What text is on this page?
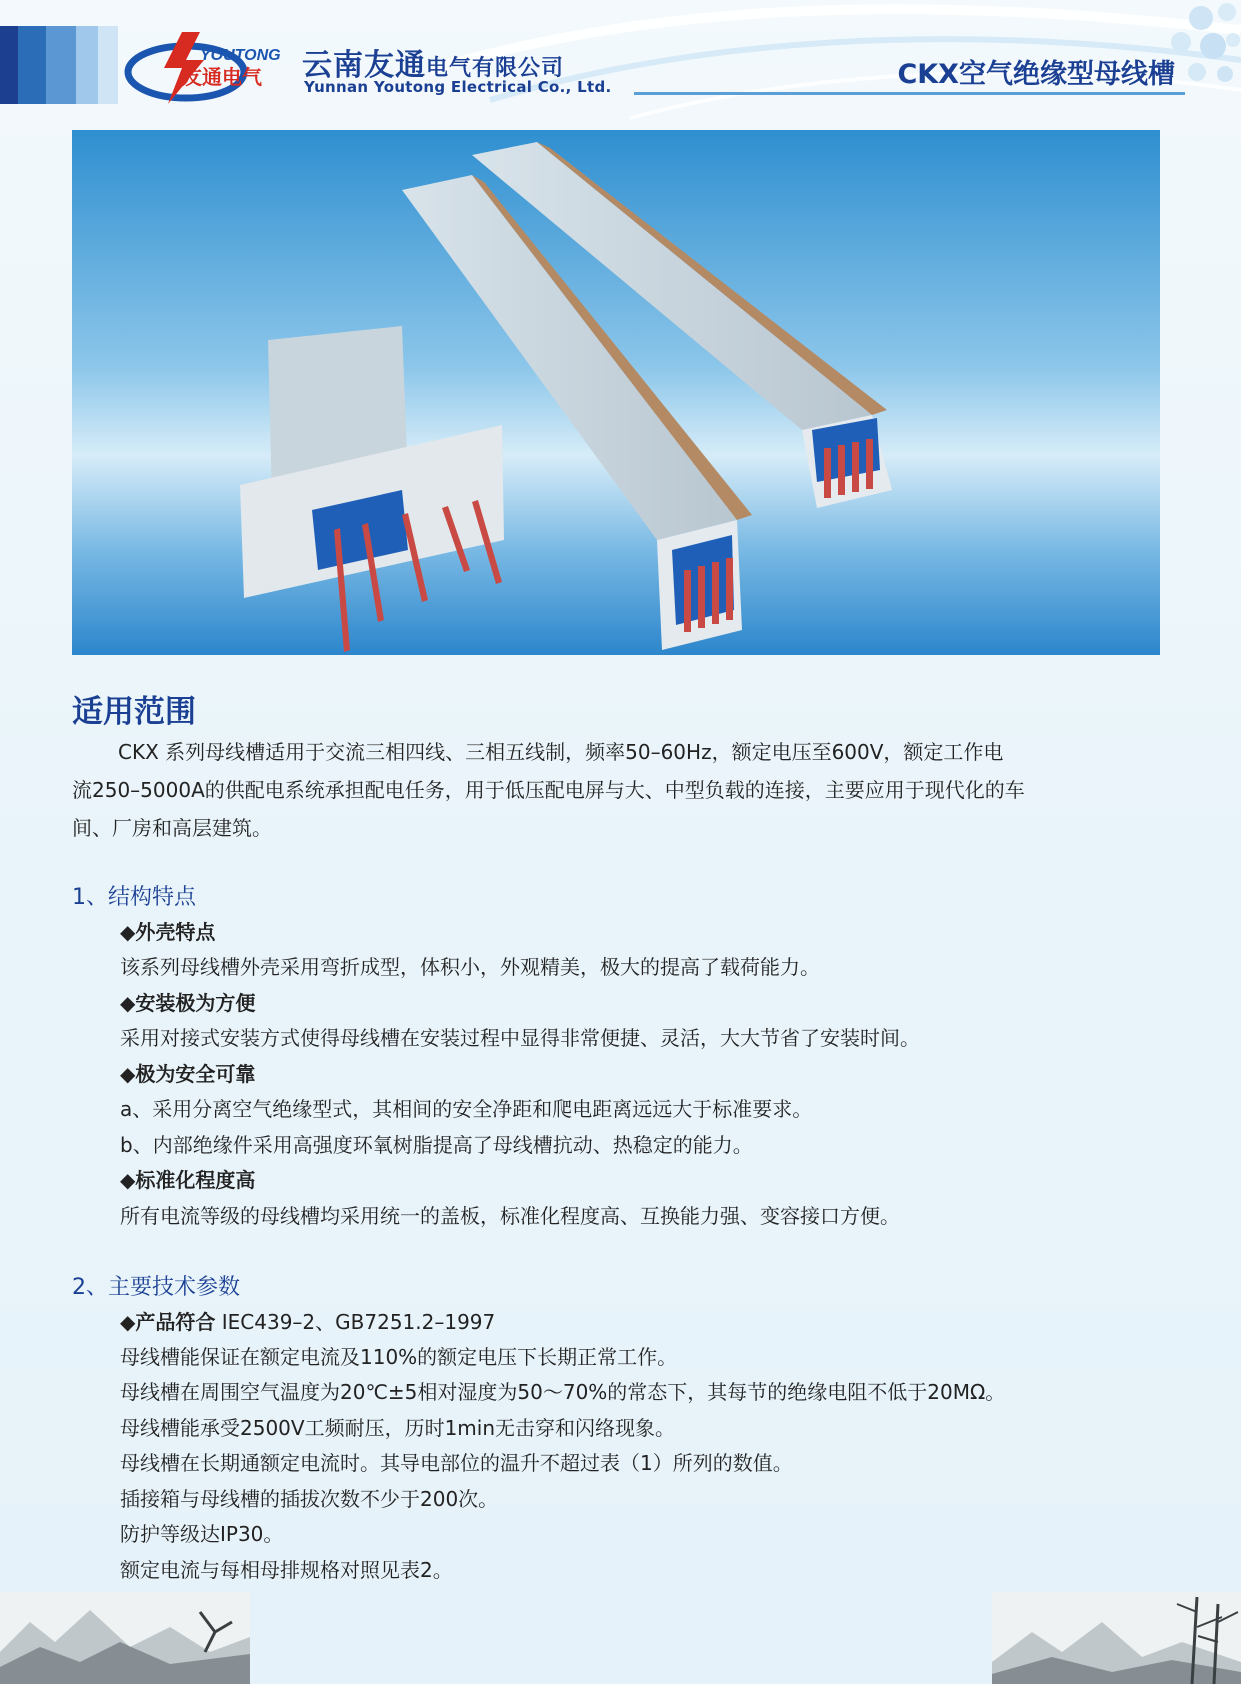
YOUTONG
友通电气 云南友通电气有限公司
Yunnan Youtong Electrical Co., Ltd.	CKX空气绝缘型母线槽
适用范围

CKX 系列母线槽适用于交流三相四线、三相五线制，频率50–60Hz，额定电压至600V，额定工作电

流250–5000A的供配电系统承担配电任务，用于低压配电屏与大、中型负载的连接，主要应用于现代化的车

间、厂房和高层建筑。

1、结构特点
◆外壳特点
该系列母线槽外壳采用弯折成型，体积小，外观精美，极大的提高了载荷能力。
◆安装极为方便
采用对接式安装方式使得母线槽在安装过程中显得非常便捷、灵活，大大节省了安装时间。
◆极为安全可靠
a、采用分离空气绝缘型式，其相间的安全净距和爬电距离远远大于标准要求。
b、内部绝缘件采用高强度环氧树脂提高了母线槽抗动、热稳定的能力。
◆标准化程度高
所有电流等级的母线槽均采用统一的盖板，标准化程度高、互换能力强、变容接口方便。
2、主要技术参数
◆产品符合 IEC439–2、GB7251.2–1997
母线槽能保证在额定电流及110%的额定电压下长期正常工作。
母线槽在周围空气温度为20℃±5相对湿度为50～70%的常态下，其每节的绝缘电阻不低于20MΩ。
母线槽能承受2500V工频耐压，历时1min无击穿和闪络现象。
母线槽在长期通额定电流时。其导电部位的温升不超过表（1）所列的数值。
插接箱与母线槽的插拔次数不少于200次。
防护等级达IP30。
额定电流与每相母排规格对照见表2。
